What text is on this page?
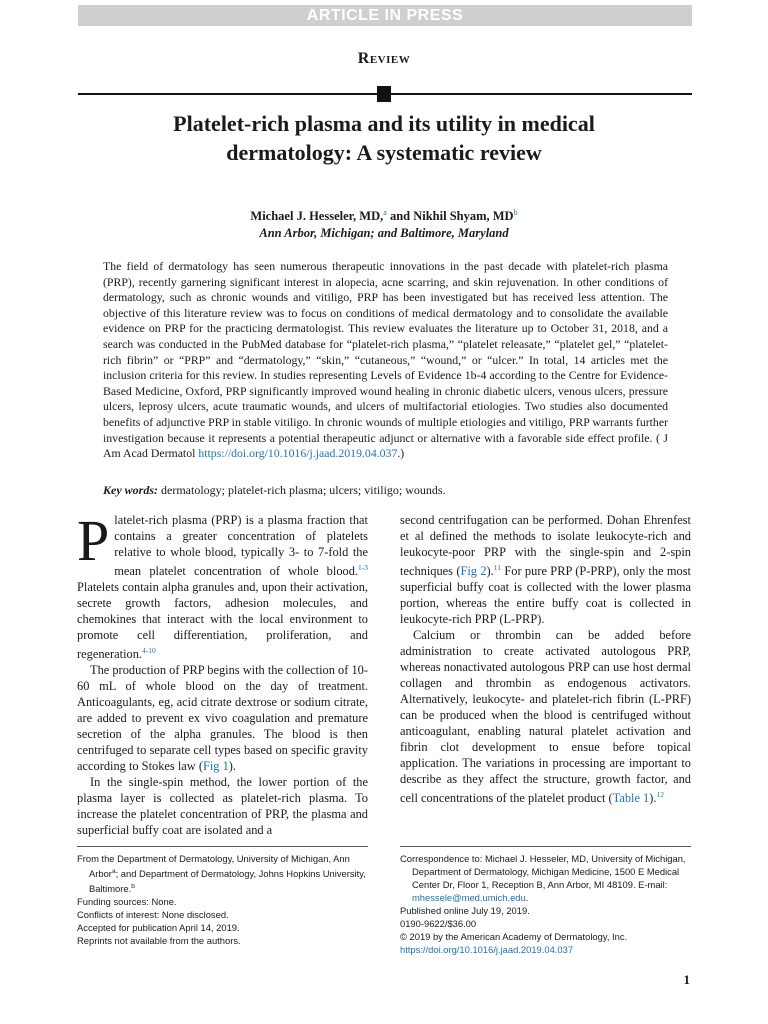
ARTICLE IN PRESS
Review
Platelet-rich plasma and its utility in medical dermatology: A systematic review
Michael J. Hesseler, MD,$^a$ and Nikhil Shyam, $MD^b$
Ann Arbor, Michigan; and Baltimore, Maryland

The field of dermatology has seen numerous therapeutic innovations in the past decade with platelet-rich plasma (PRP), recently garnering significant interest in alopecia, acne scarring, and skin rejuvenation. In other conditions of dermatology, such as chronic wounds and vitiligo, PRP has been investigated but has received less attention. The objective of this literature review was to focus on conditions of medical dermatology and to consolidate the available evidence on PRP for the practicing dermatologist. This review evaluates the literature up to October 31, 2018, and a search was conducted in the PubMed database for “platelet-rich plasma,” “platelet releasate,” “platelet gel,” “platelet-rich fibrin” or “PRP” and “dermatology,” “skin,” “cutaneous,” “wound,” or “ulcer.” In total, 14 articles met the inclusion criteria for this review. In studies representing Levels of Evidence 1b-4 according to the Centre for Evidence-Based Medicine, Oxford, PRP significantly improved wound healing in chronic diabetic ulcers, venous ulcers, pressure ulcers, leprosy ulcers, acute traumatic wounds, and ulcers of multifactorial etiologies. Two studies also documented benefits of adjunctive PRP in stable vitiligo. In chronic wounds of multiple etiologies and vitiligo, PRP warrants further investigation because it represents a potential therapeutic adjunct or alternative with a favorable side effect profile. ( J Am Acad Dermatol https://doi.org/10.1016/j.jaad.2019.04.037.)

Key words: dermatology; platelet-rich plasma; ulcers; vitiligo; wounds.

Platelet-rich plasma (PRP) is a plasma fraction that contains a greater concentration of platelets relative to whole blood, typically 3- to 7-fold the mean platelet concentration of whole blood.$^{1-3}$ Platelets contain alpha granules and, upon their activation, secrete growth factors, adhesion molecules, and chemokines that interact with the local environment to promote cell differentiation, proliferation, and regeneration.$^{4-10}$

The production of PRP begins with the collection of 10-60 mL of whole blood on the day of treatment. Anticoagulants, eg, acid citrate dextrose or sodium citrate, are added to prevent ex vivo coagulation and premature secretion of the alpha granules. The blood is then centrifuged to separate cell types based on specific gravity according to Stokes law (Fig 1).

In the single-spin method, the lower portion of the plasma layer is collected as platelet-rich plasma. To increase the platelet concentration of PRP, the plasma and superficial buffy coat are isolated and a

second centrifugation can be performed. Dohan Ehrenfest et al defined the methods to isolate leukocyte-rich and leukocyte-poor PRP with the single-spin and 2-spin techniques (Fig 2).$^{11}$ For pure PRP (P-PRP), only the most superficial buffy coat is collected with the lower plasma portion, whereas the entire buffy coat is collected in leukocyte-rich PRP (L-PRP).

Calcium or thrombin can be added before administration to create activated autologous PRP, whereas nonactivated autologous PRP can use host dermal collagen and thrombin as endogenous activators. Alternatively, leukocyte- and platelet-rich fibrin (L-PRF) can be produced when the blood is centrifuged without anticoagulant, enabling natural platelet activation and fibrin clot development to ensue before topical application. The variations in processing are important to describe as they affect the structure, growth factor, and cell concentrations of the platelet product (Table 1).$^{12}$

From the Department of Dermatology, University of Michigan, Ann Arbor$^a$; and Department of Dermatology, Johns Hopkins University, Baltimore.$^b$
Funding sources: None.
Conflicts of interest: None disclosed.
Accepted for publication April 14, 2019.
Reprints not available from the authors.
Correspondence to: Michael J. Hesseler, MD, University of Michigan, Department of Dermatology, Michigan Medicine, 1500 E Medical Center Dr, Floor 1, Reception B, Ann Arbor, MI 48109. E-mail: mhessele@med.umich.edu.
Published online July 19, 2019.
0190-9622/$36.00
© 2019 by the American Academy of Dermatology, Inc.
https://doi.org/10.1016/j.jaad.2019.04.037
1
